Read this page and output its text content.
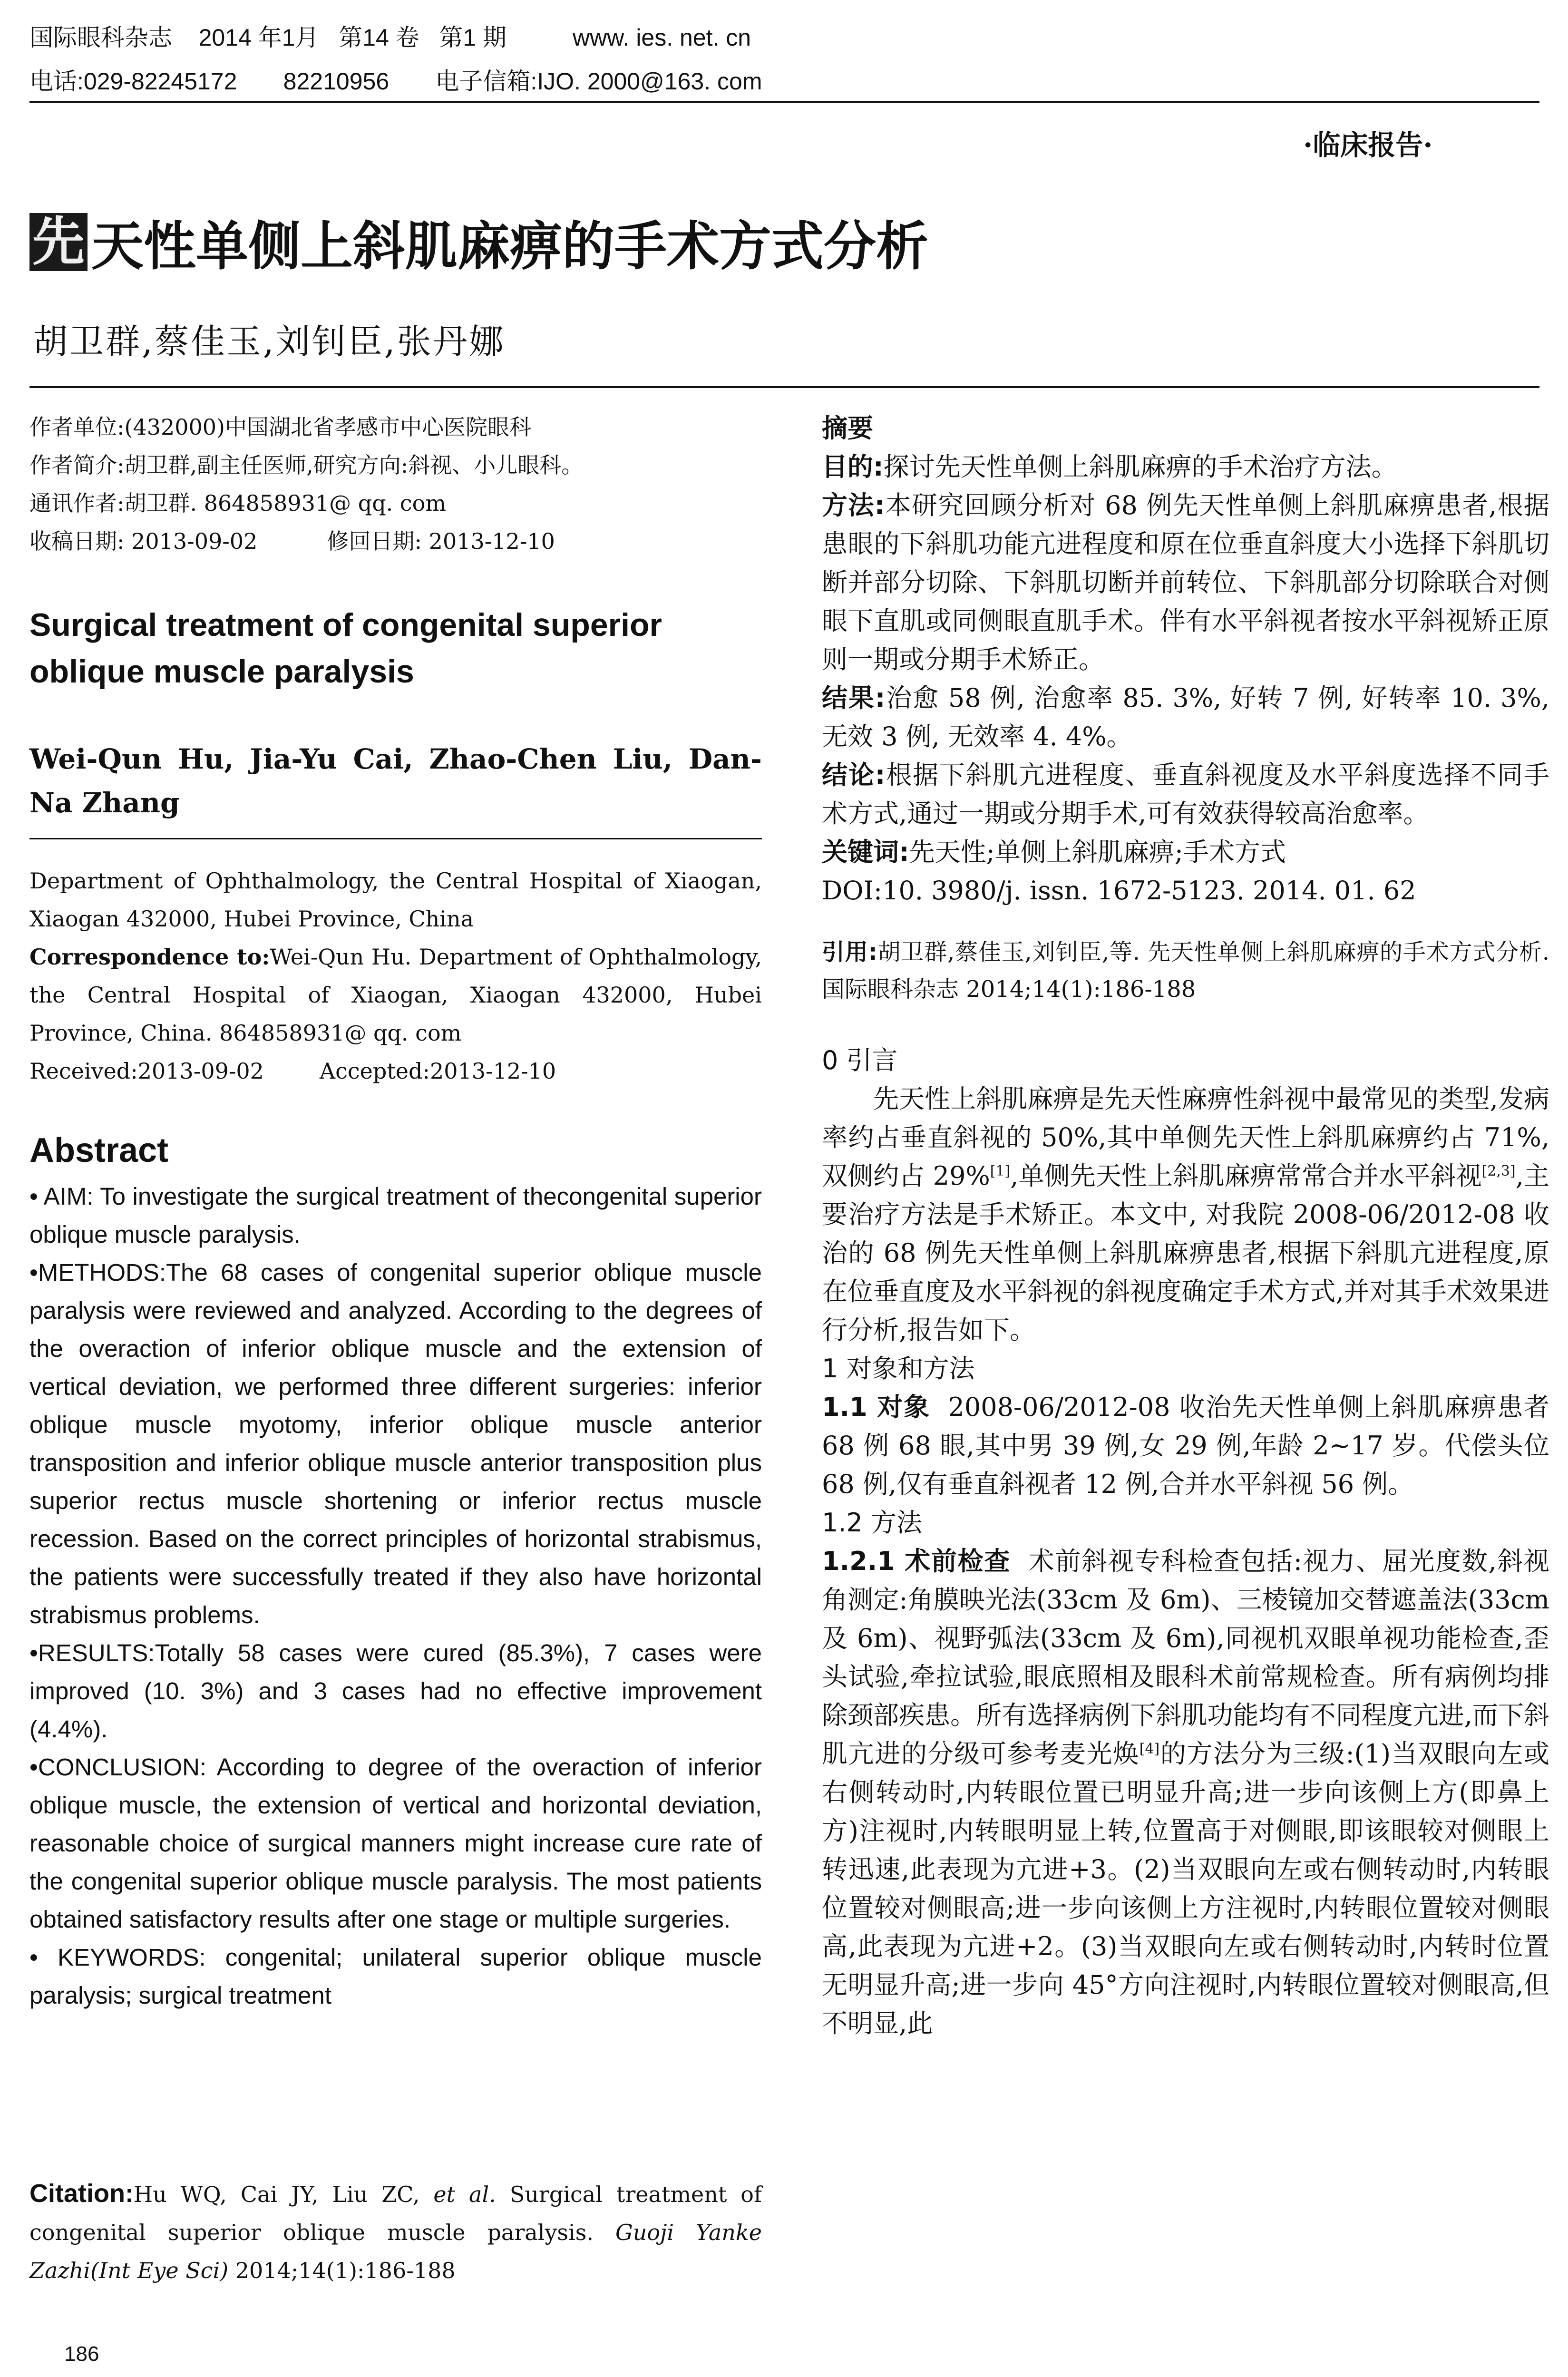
国际眼科杂志    2014 年1月   第14 卷   第1 期          www. ies. net. cn
电话:029-82245172       82210956       电子信箱:IJO. 2000@163. com
·临床报告·
先 天性单侧上斜肌麻痹的手术方式分析
胡卫群,蔡佳玉,刘钊臣,张丹娜

作者单位:(432000)中国湖北省孝感市中心医院眼科

作者简介:胡卫群,副主任医师,研究方向:斜视、小儿眼科。

通讯作者:胡卫群. 864858931@ qq. com

收稿日期: 2013-09-02          修回日期: 2013-12-10

Surgical treatment of congenital superior oblique muscle paralysis
Wei-Qun Hu, Jia-Yu Cai, Zhao-Chen Liu, Dan-Na Zhang

Department of Ophthalmology, the Central Hospital of Xiaogan, Xiaogan 432000, Hubei Province, China

Correspondence to:Wei-Qun Hu. Department of Ophthalmology, the Central Hospital of Xiaogan, Xiaogan 432000, Hubei Province, China. 864858931@ qq. com

Received:2013-09-02        Accepted:2013-12-10

Abstract

• AIM: To investigate the surgical treatment of thecongenital superior oblique muscle paralysis.

•METHODS:The 68 cases of congenital superior oblique muscle paralysis were reviewed and analyzed. According to the degrees of the overaction of inferior oblique muscle and the extension of vertical deviation, we performed three different surgeries: inferior oblique muscle myotomy, inferior oblique muscle anterior transposition and inferior oblique muscle anterior transposition plus superior rectus muscle shortening or inferior rectus muscle recession. Based on the correct principles of horizontal strabismus, the patients were successfully treated if they also have horizontal strabismus problems.

•RESULTS:Totally 58 cases were cured (85.3%), 7 cases were improved (10. 3%) and 3 cases had no effective improvement (4.4%).

•CONCLUSION: According to degree of the overaction of inferior oblique muscle, the extension of vertical and horizontal deviation, reasonable choice of surgical manners might increase cure rate of the congenital superior oblique muscle paralysis. The most patients obtained satisfactory results after one stage or multiple surgeries.

• KEYWORDS: congenital; unilateral superior oblique muscle paralysis; surgical treatment

Citation:Hu WQ, Cai JY, Liu ZC, et al. Surgical treatment of congenital superior oblique muscle paralysis. Guoji Yanke Zazhi(Int Eye Sci) 2014;14(1):186-188
186

摘要

目的:探讨先天性单侧上斜肌麻痹的手术治疗方法。

方法:本研究回顾分析对 68 例先天性单侧上斜肌麻痹患者,根据患眼的下斜肌功能亢进程度和原在位垂直斜度大小选择下斜肌切断并部分切除、下斜肌切断并前转位、下斜肌部分切除联合对侧眼下直肌或同侧眼直肌手术。伴有水平斜视者按水平斜视矫正原则一期或分期手术矫正。

结果:治愈 58 例, 治愈率 85. 3%, 好转 7 例, 好转率 10. 3%, 无效 3 例, 无效率 4. 4%。

结论:根据下斜肌亢进程度、垂直斜视度及水平斜度选择不同手术方式,通过一期或分期手术,可有效获得较高治愈率。

关键词:先天性;单侧上斜肌麻痹;手术方式

DOI:10. 3980/j. issn. 1672-5123. 2014. 01. 62

引用:胡卫群,蔡佳玉,刘钊臣,等. 先天性单侧上斜肌麻痹的手术方式分析. 国际眼科杂志 2014;14(1):186-188

0 引言

先天性上斜肌麻痹是先天性麻痹性斜视中最常见的类型,发病率约占垂直斜视的 50%,其中单侧先天性上斜肌麻痹约占 71%,双侧约占 29%[1],单侧先天性上斜肌麻痹常常合并水平斜视[2,3],主要治疗方法是手术矫正。本文中, 对我院 2008-06/2012-08 收治的 68 例先天性单侧上斜肌麻痹患者,根据下斜肌亢进程度,原在位垂直度及水平斜视的斜视度确定手术方式,并对其手术效果进行分析,报告如下。

1 对象和方法

1.1 对象  2008-06/2012-08 收治先天性单侧上斜肌麻痹患者 68 例 68 眼,其中男 39 例,女 29 例,年龄 2~17 岁。代偿头位 68 例,仅有垂直斜视者 12 例,合并水平斜视 56 例。

1.2 方法

1.2.1 术前检查  术前斜视专科检查包括:视力、屈光度数,斜视角测定:角膜映光法(33cm 及 6m)、三棱镜加交替遮盖法(33cm 及 6m)、视野弧法(33cm 及 6m),同视机双眼单视功能检查,歪头试验,牵拉试验,眼底照相及眼科术前常规检查。所有病例均排除颈部疾患。所有选择病例下斜肌功能均有不同程度亢进,而下斜肌亢进的分级可参考麦光焕[4]的方法分为三级:(1)当双眼向左或右侧转动时,内转眼位置已明显升高;进一步向该侧上方(即鼻上方)注视时,内转眼明显上转,位置高于对侧眼,即该眼较对侧眼上转迅速,此表现为亢进+3。(2)当双眼向左或右侧转动时,内转眼位置较对侧眼高;进一步向该侧上方注视时,内转眼位置较对侧眼高,此表现为亢进+2。(3)当双眼向左或右侧转动时,内转时位置无明显升高;进一步向 45°方向注视时,内转眼位置较对侧眼高,但不明显,此
